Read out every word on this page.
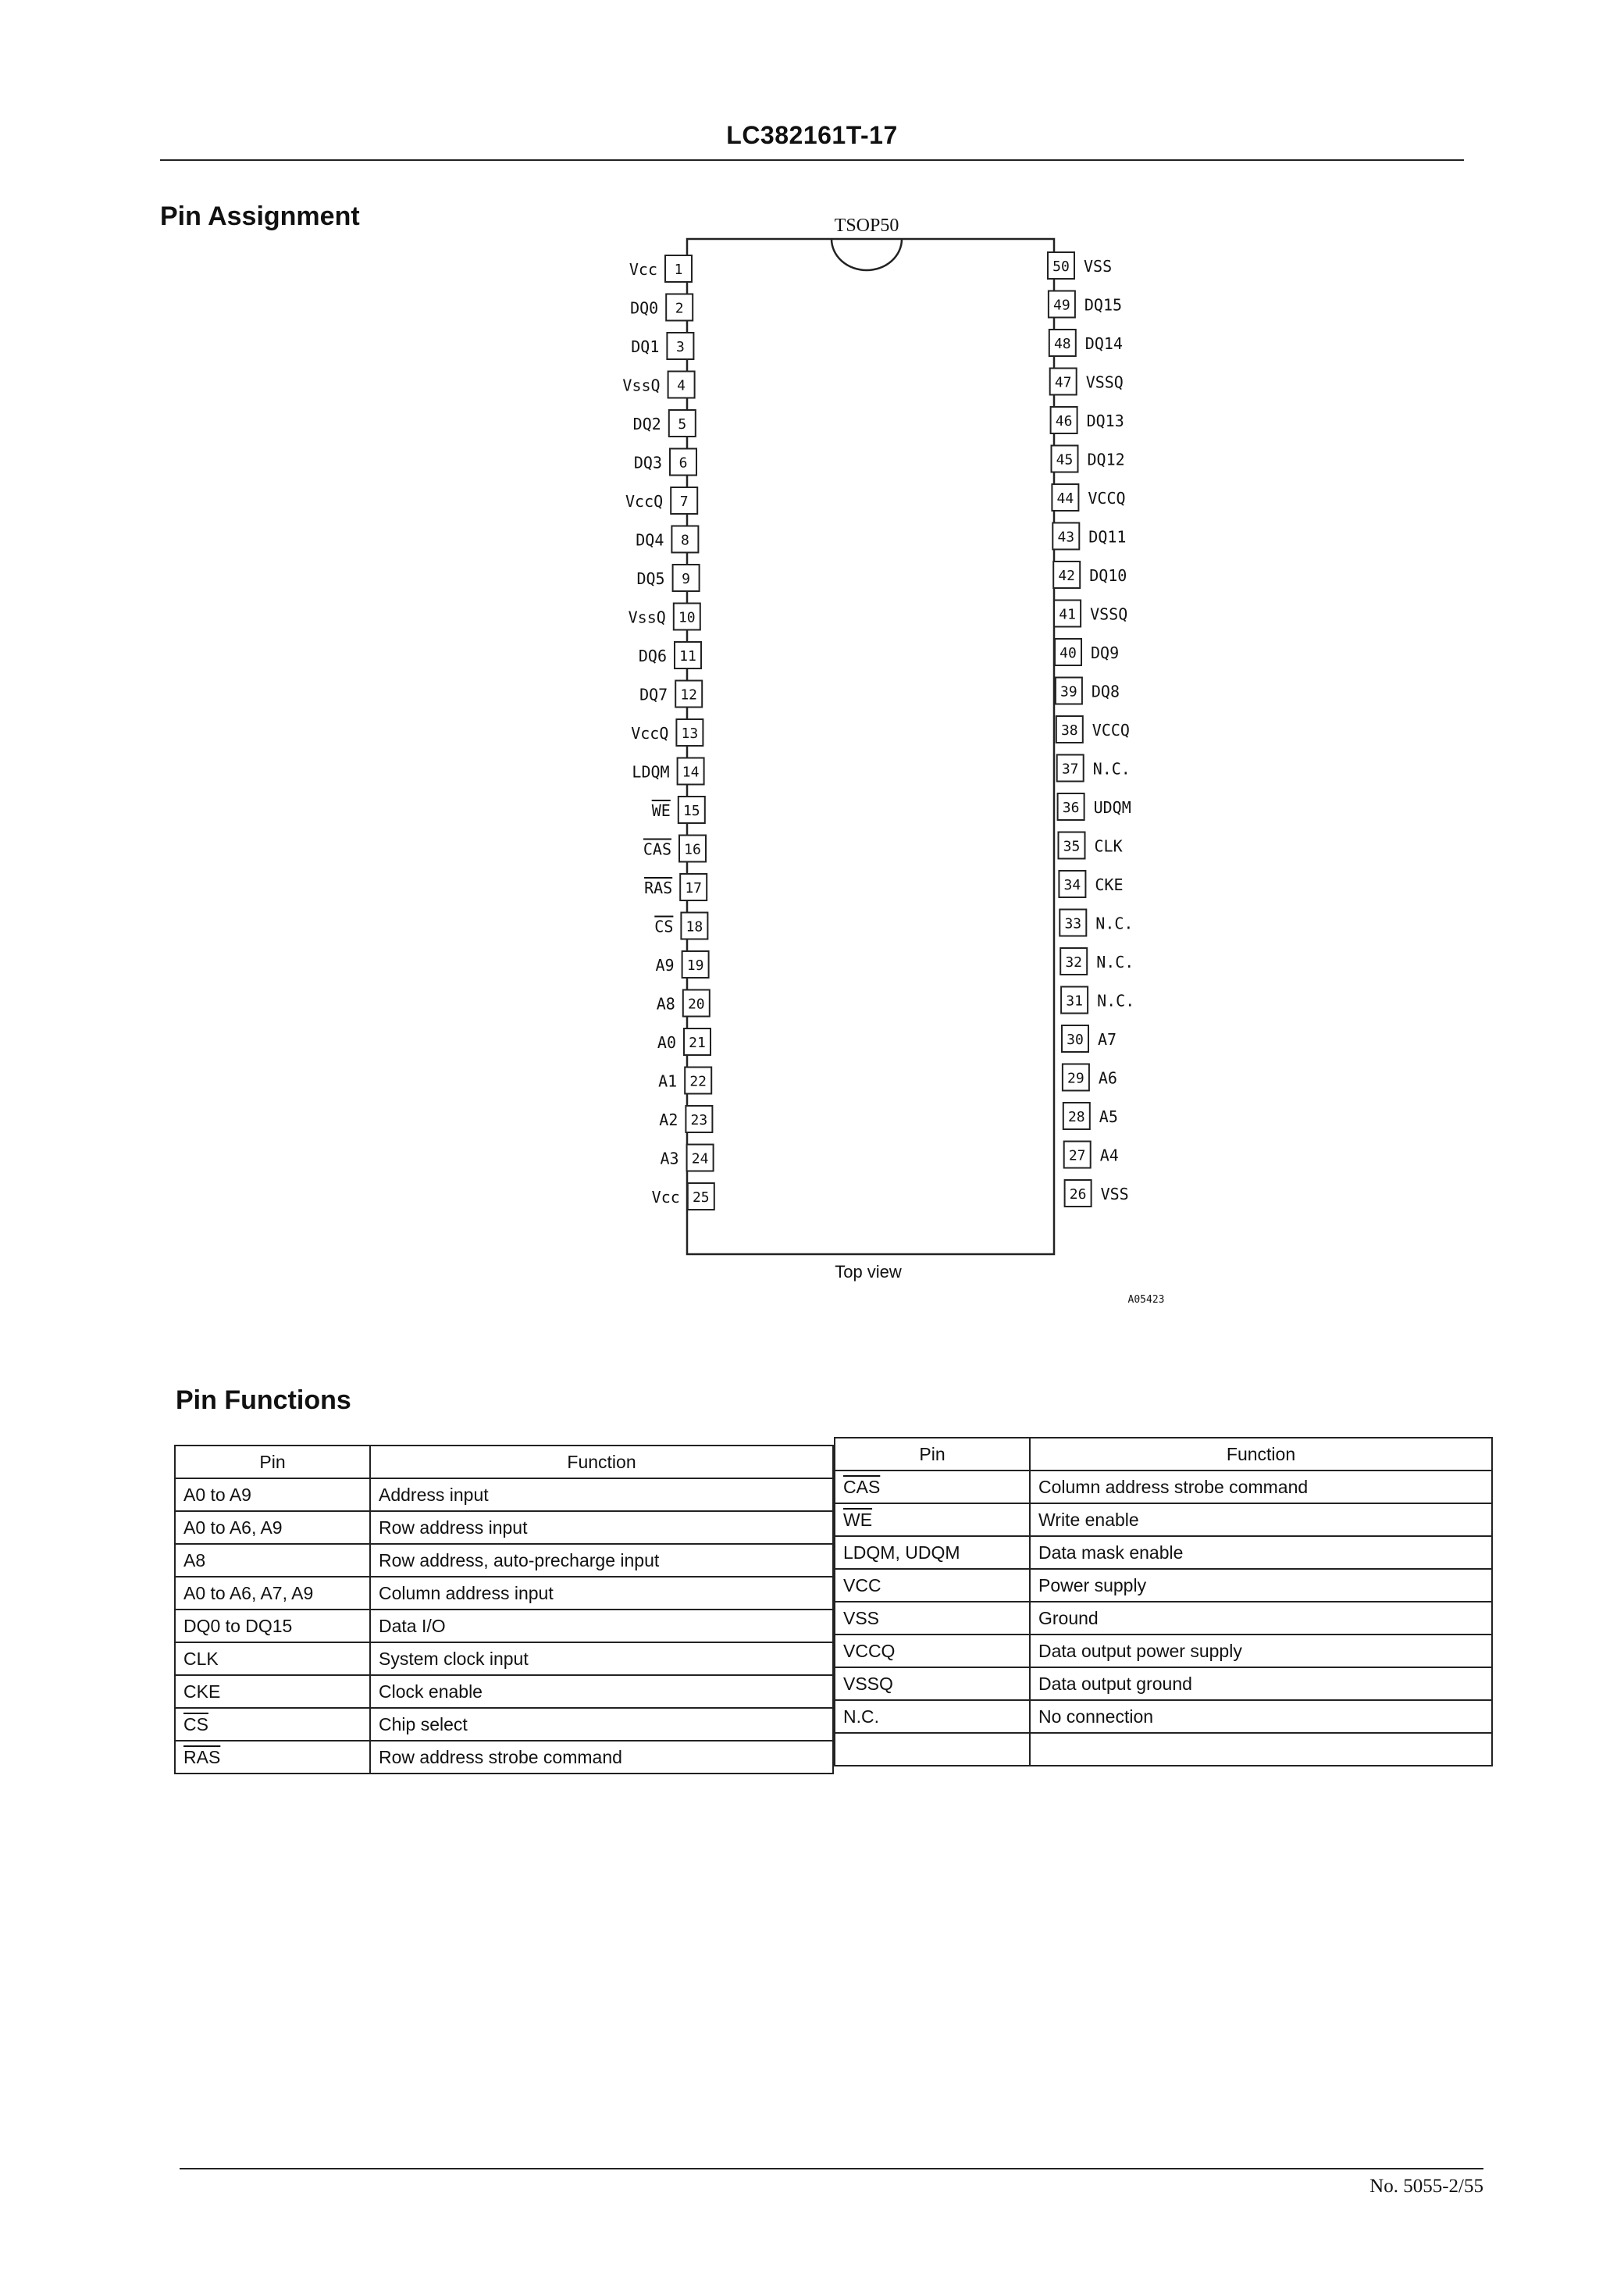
LC382161T-17
Pin Assignment	TSOP50
1
Vcc
2
DQ0
3
DQ1
4
VssQ
5
DQ2
6
DQ3
7
VccQ
8
DQ4
9
DQ5
10
VssQ
11
DQ6
12
DQ7
13
VccQ
14
LDQM
15
WE
16
CAS
17
RAS
18
CS
19
A9
20
A8
21
A0
22
A1
23
A2
24
A3
25
Vcc
50 VSS
49 DQ15
48 DQ14
47 VSSQ
46 DQ13
45 DQ12
44 VCCQ
43 DQ11
42 DQ10
41 VSSQ
40 DQ9
39 DQ8
38 VCCQ
37 N.C.
36 UDQM
35 CLK
34 CKE
33 N.C.
32 N.C.
31 N.C.
30 A7
29 A6
28 A5
27 A4
26 VSS
Top view
A05423
Pin Functions
Pin	Function
A0 to A9	Address input
A0 to A6, A9	Row address input
A8	Row address, auto-precharge input
A0 to A6, A7, A9	Column address input
DQ0 to DQ15	Data I/O
CLK	System clock input
CKE	Clock enable
$\overline{CS}$	Chip select
$\overline{RAS}$	Row address strobe command
Pin	Function
$\overline{CAS}$	Column address strobe command
$\overline{WE}$	Write enable
LDQM, UDQM	Data mask enable
VCC	Power supply
VSS	Ground
VCCQ	Data output power supply
VSSQ	Data output ground
N.C.	No connection

No. 5055-2/55
